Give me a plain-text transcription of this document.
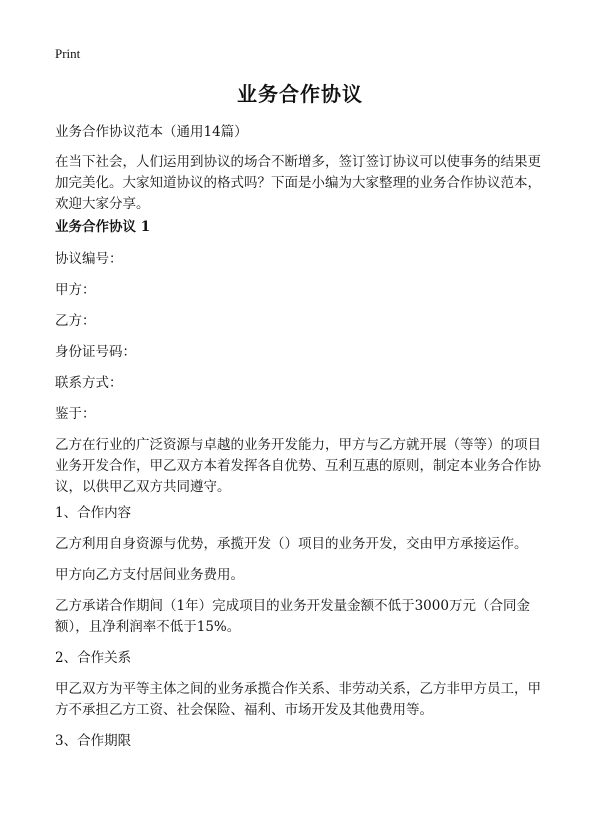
Print
业务合作协议
业务合作协议范本（通用14篇）
在当下社会，人们运用到协议的场合不断增多，签订签订协议可以使事务的结果更加完美化。大家知道协议的格式吗？下面是小编为大家整理的业务合作协议范本，欢迎大家分享。
业务合作协议 1
协议编号：
甲方：
乙方：
身份证号码：
联系方式：
鉴于：
乙方在行业的广泛资源与卓越的业务开发能力，甲方与乙方就开展（等等）的项目业务开发合作，甲乙双方本着发挥各自优势、互利互惠的原则，制定本业务合作协议，以供甲乙双方共同遵守。
1、合作内容
乙方利用自身资源与优势，承揽开发（）项目的业务开发，交由甲方承接运作。
甲方向乙方支付居间业务费用。
乙方承诺合作期间（1年）完成项目的业务开发量金额不低于3000万元（合同金额），且净利润率不低于15%。
2、合作关系
甲乙双方为平等主体之间的业务承揽合作关系、非劳动关系，乙方非甲方员工，甲方不承担乙方工资、社会保险、福利、市场开发及其他费用等。
3、合作期限
